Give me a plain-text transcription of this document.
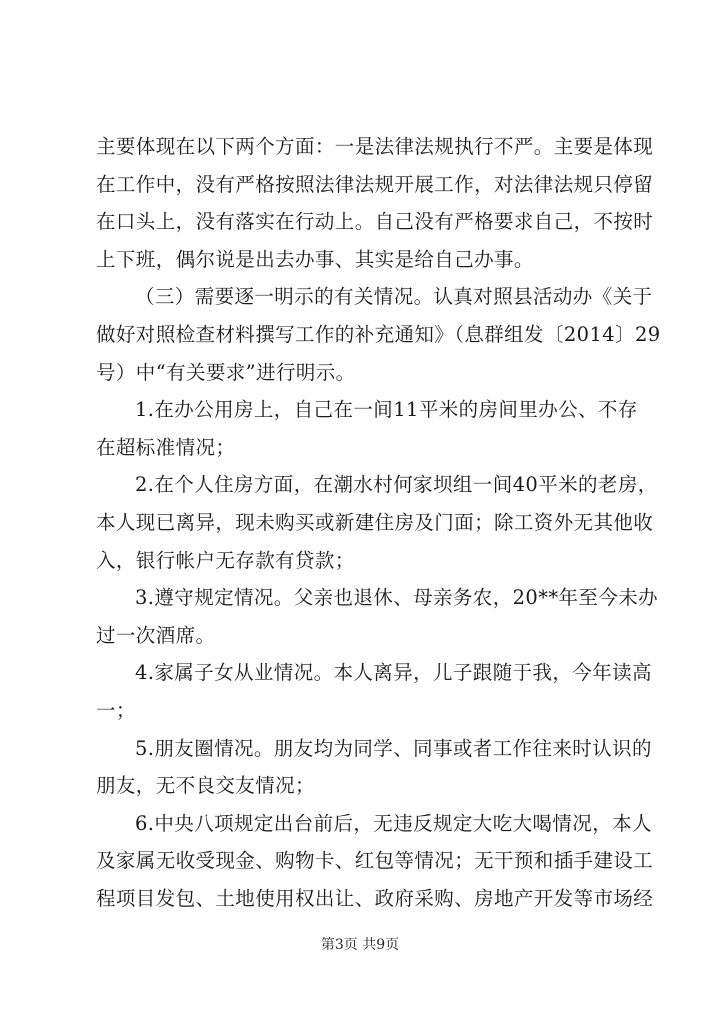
主要体现在以下两个方面：一是法律法规执行不严。主要是体现
在工作中，没有严格按照法律法规开展工作，对法律法规只停留
在口头上，没有落实在行动上。自己没有严格要求自己，不按时
上下班，偶尔说是出去办事、其实是给自己办事。

（三）需要逐一明示的有关情况。认真对照县活动办《关于
做好对照检查材料撰写工作的补充通知》（息群组发〔2014〕29
号）中“有关要求”进行明示。

1.在办公用房上，自己在一间11平米的房间里办公、不存
在超标准情况；

2.在个人住房方面，在潮水村何家坝组一间40平米的老房，
本人现已离异，现未购买或新建住房及门面；除工资外无其他收
入，银行帐户无存款有贷款；

3.遵守规定情况。父亲也退休、母亲务农，20**年至今未办
过一次酒席。

4.家属子女从业情况。本人离异，儿子跟随于我，今年读高
一；

5.朋友圈情况。朋友均为同学、同事或者工作往来时认识的
朋友，无不良交友情况；

6.中央八项规定出台前后，无违反规定大吃大喝情况，本人
及家属无收受现金、购物卡、红包等情况；无干预和插手建设工
程项目发包、土地使用权出让、政府采购、房地产开发等市场经

第3页 共9页
